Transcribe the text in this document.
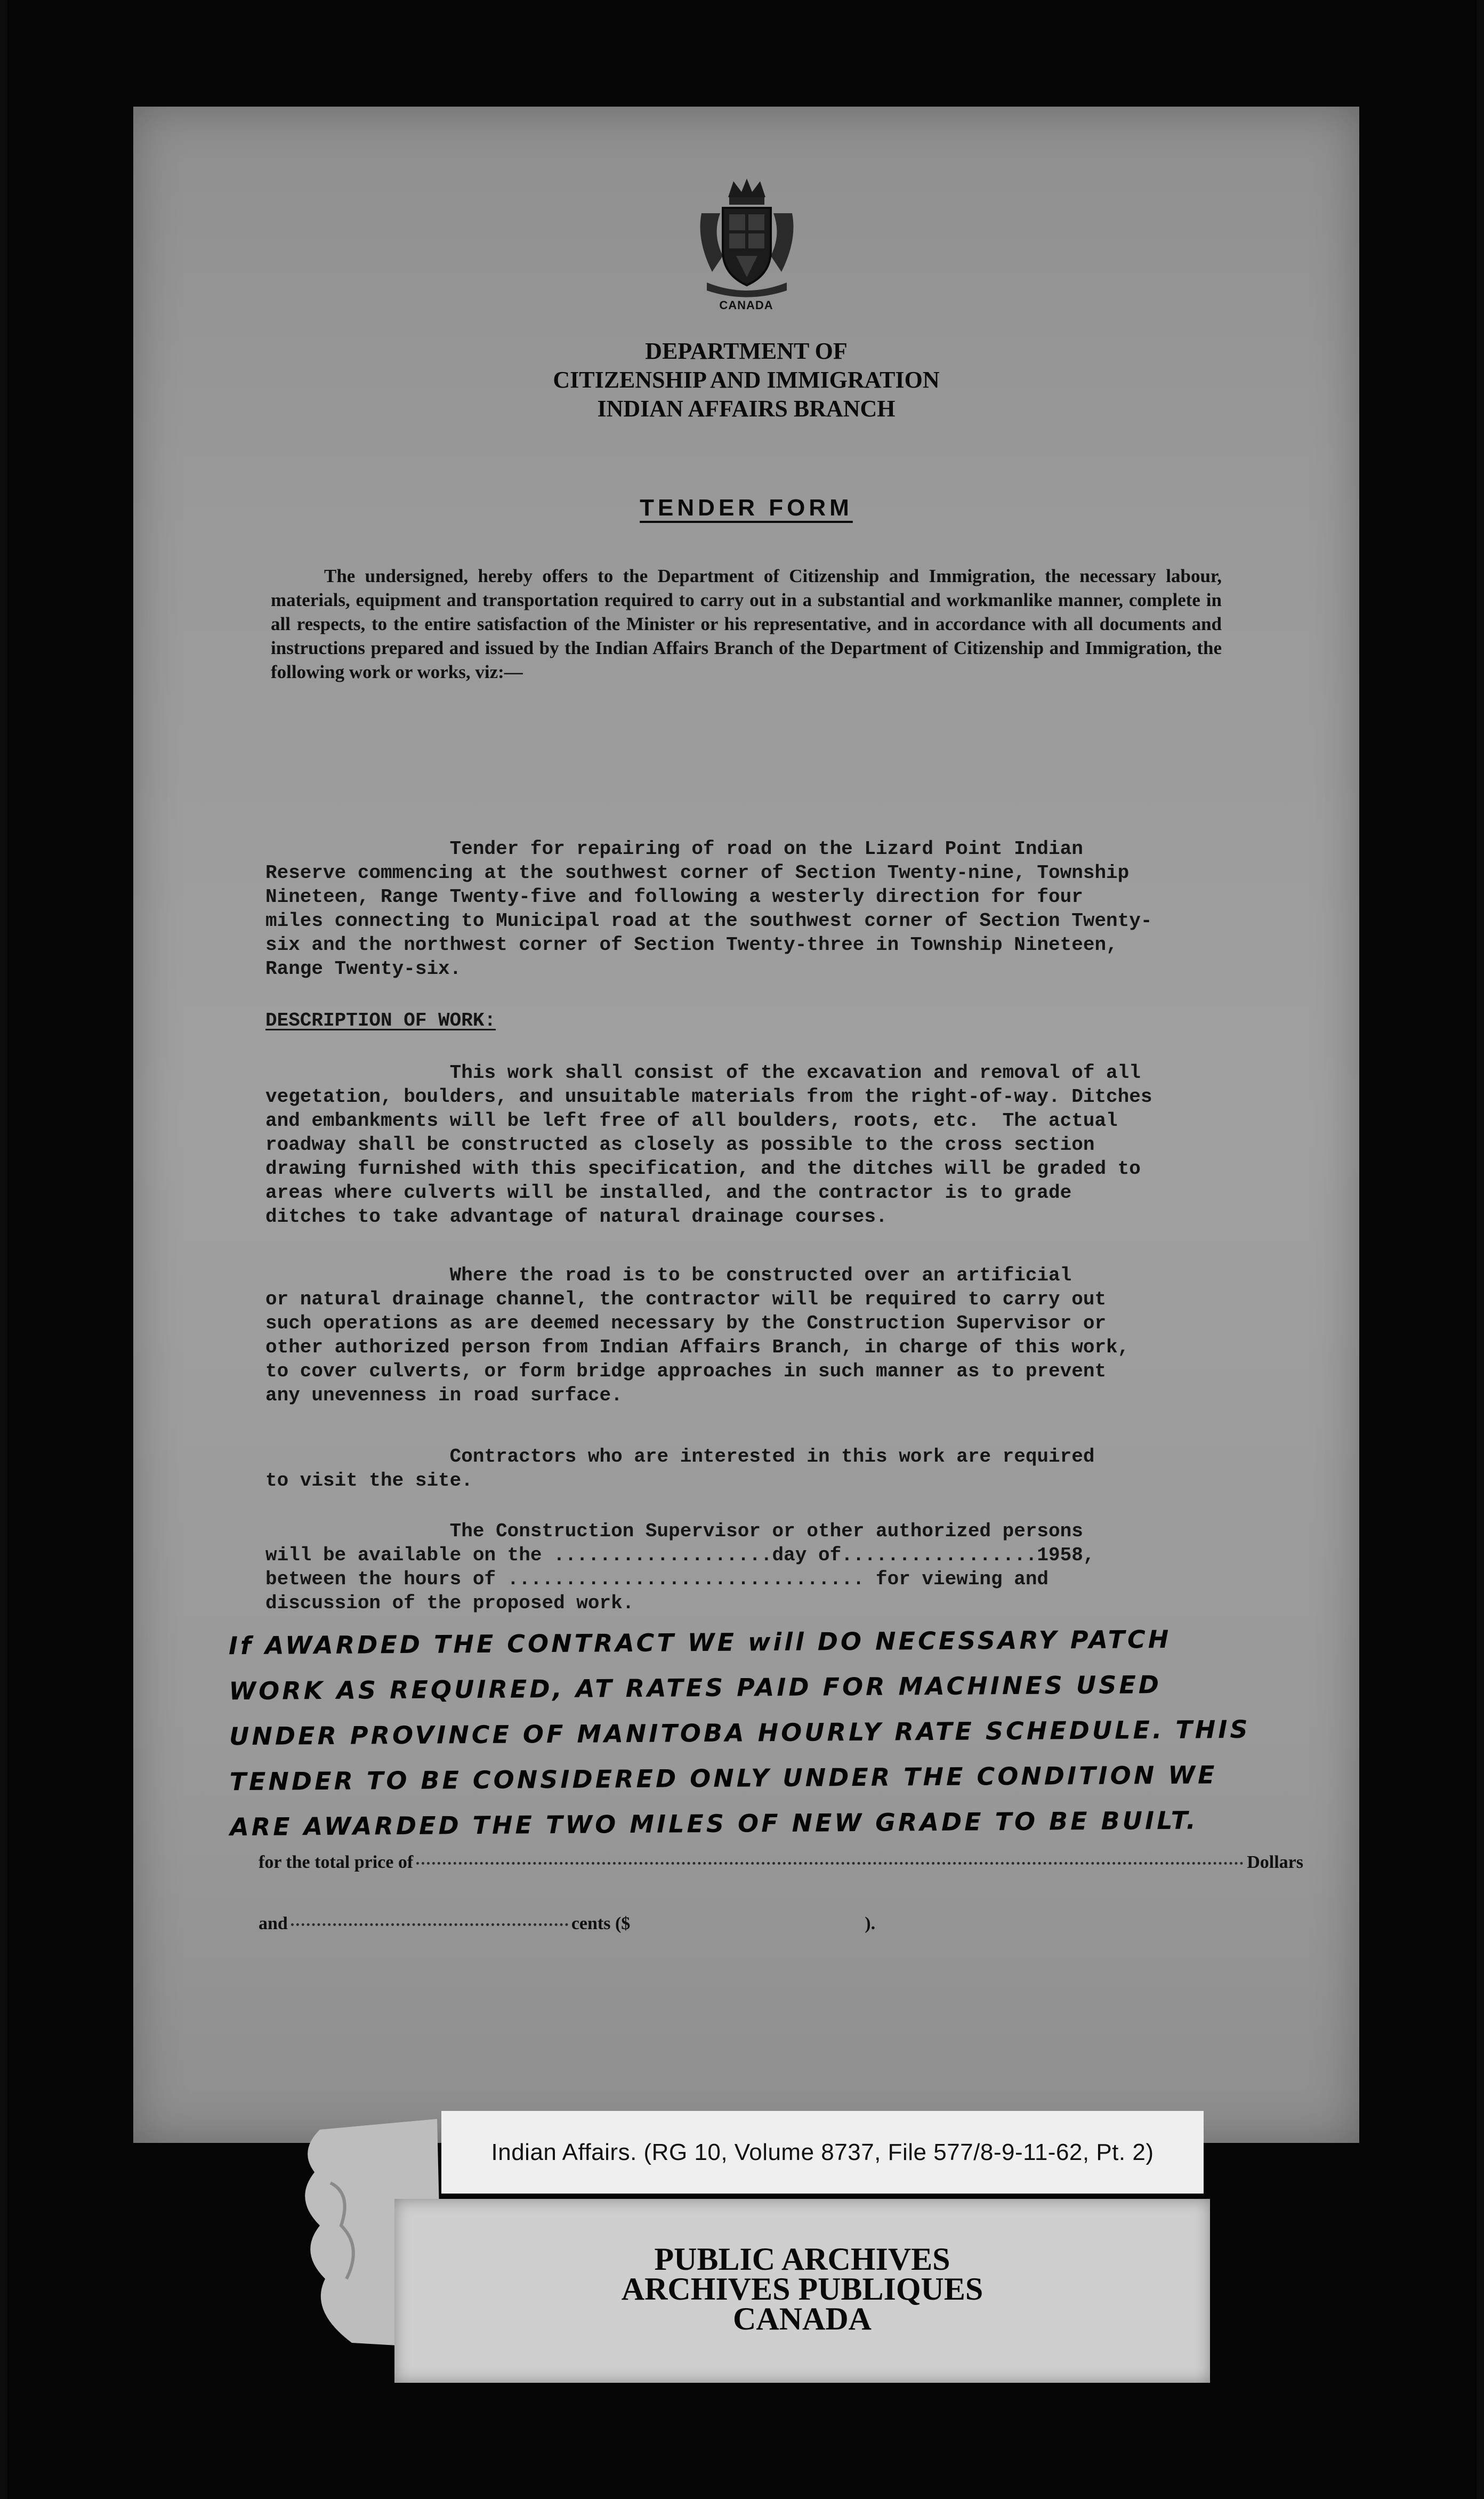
CANADA
DEPARTMENT OF
CITIZENSHIP AND IMMIGRATION
INDIAN AFFAIRS BRANCH
TENDER FORM
The undersigned, hereby offers to the Department of Citizenship and Immigration, the necessary labour, materials, equipment and transportation required to carry out in a substantial and workmanlike manner, complete in all respects, to the entire satisfaction of the Minister or his representative, and in accordance with all documents and instructions prepared and issued by the Indian Affairs Branch of the Department of Citizenship and Immigration, the following work or works, viz:—
Tender for repairing of road on the Lizard Point Indian
Reserve commencing at the southwest corner of Section Twenty-nine, Township
Nineteen, Range Twenty-five and following a westerly direction for four
miles connecting to Municipal road at the southwest corner of Section Twenty-
six and the northwest corner of Section Twenty-three in Township Nineteen,
Range Twenty-six.
DESCRIPTION OF WORK:
This work shall consist of the excavation and removal of all
vegetation, boulders, and unsuitable materials from the right-of-way. Ditches
and embankments will be left free of all boulders, roots, etc.  The actual
roadway shall be constructed as closely as possible to the cross section
drawing furnished with this specification, and the ditches will be graded to
areas where culverts will be installed, and the contractor is to grade
ditches to take advantage of natural drainage courses.
Where the road is to be constructed over an artificial
or natural drainage channel, the contractor will be required to carry out
such operations as are deemed necessary by the Construction Supervisor or
other authorized person from Indian Affairs Branch, in charge of this work,
to cover culverts, or form bridge approaches in such manner as to prevent
any unevenness in road surface.
Contractors who are interested in this work are required
to visit the site.
The Construction Supervisor or other authorized persons
will be available on the ...................day of.................1958,
between the hours of ............................... for viewing and
discussion of the proposed work.
If AWARDED THE CONTRACT WE will DO NECESSARY PATCH
WORK AS REQUIRED, AT RATES PAID FOR MACHINES USED
UNDER PROVINCE OF MANITOBA HOURLY RATE SCHEDULE. THIS
TENDER TO BE CONSIDERED ONLY UNDER THE CONDITION WE
ARE AWARDED THE TWO MILES OF NEW GRADE TO BE BUILT.
for the total price of	Dollars
and	cents ($	).
Indian Affairs. (RG 10, Volume 8737, File 577/8-9-11-62, Pt. 2)
PUBLIC ARCHIVES
ARCHIVES PUBLIQUES
CANADA
